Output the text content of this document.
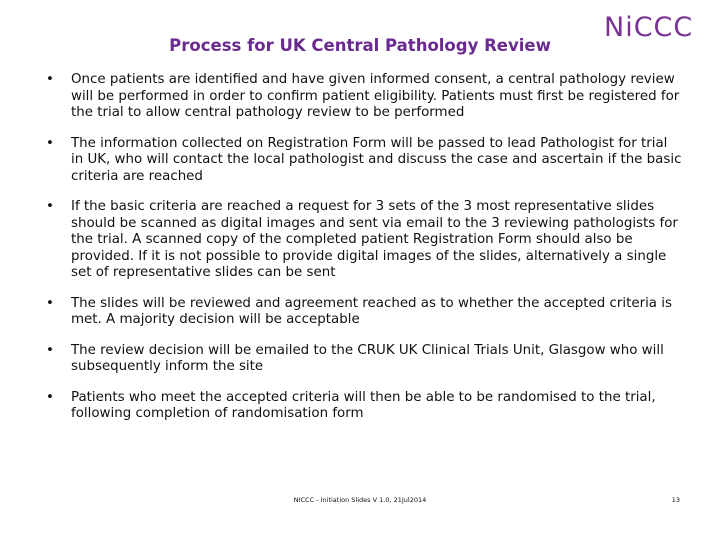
Process for UK Central Pathology Review
NiCCC
• Once patients are identified and have given informed consent, a central pathology review will be performed in order to confirm patient eligibility. Patients must first be registered for the trial to allow central pathology review to be performed
• The information collected on Registration Form will be passed to lead Pathologist for trial in UK, who will contact the local pathologist and discuss the case and ascertain if the basic criteria are reached
• If the basic criteria are reached a request for 3 sets of the 3 most representative slides should be scanned as digital images and sent via email to the 3 reviewing pathologists for the trial. A scanned copy of the completed patient Registration Form should also be provided. If it is not possible to provide digital images of the slides, alternatively a single set of representative slides can be sent
• The slides will be reviewed and agreement reached as to whether the accepted criteria is met. A majority decision will be acceptable
• The review decision will be emailed to the CRUK UK Clinical Trials Unit, Glasgow who will subsequently inform the site
• Patients who meet the accepted criteria will then be able to be randomised to the trial, following completion of randomisation form
NICCC - Initiation Slides V 1.0, 21Jul2014	13
